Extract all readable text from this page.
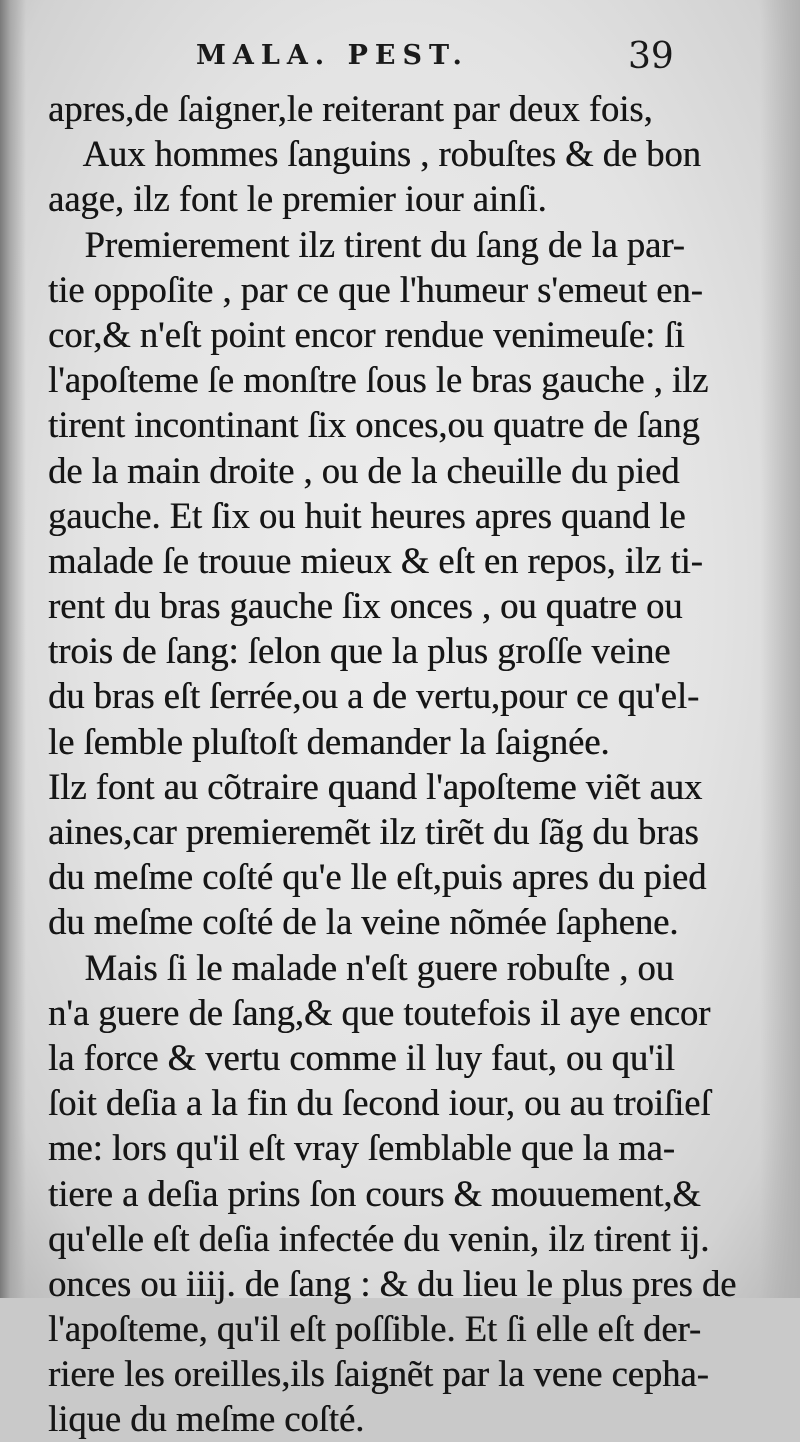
MALA. PEST.	39
apres,de ſaigner,le reiterant par deux fois,
Aux hommes ſanguins , robuſtes & de bon
aage, ilz font le premier iour ainſi.
Premierement ilz tirent du ſang de la par-
tie oppoſite , par ce que l'humeur s'emeut en-
cor,& n'eſt point encor rendue venimeuſe: ſi
l'apoſteme ſe monſtre ſous le bras gauche , ilz
tirent incontinant ſix onces,ou quatre de ſang
de la main droite , ou de la cheuille du pied
gauche. Et ſix ou huit heures apres quand le
malade ſe trouue mieux & eſt en repos, ilz ti-
rent du bras gauche ſix onces , ou quatre ou
trois de ſang: ſelon que la plus groſſe veine
du bras eſt ſerrée,ou a de vertu,pour ce qu'el-
le ſemble pluſtoſt demander la ſaignée.
Ilz font au cõtraire quand l'apoſteme viẽt aux
aines,car premieremẽt ilz tirẽt du ſãg du bras
du meſme coſté qu'e lle eſt,puis apres du pied
du meſme coſté de la veine nõmée ſaphene.
Mais ſi le malade n'eſt guere robuſte , ou
n'a guere de ſang,& que toutefois il aye encor
la force & vertu comme il luy faut, ou qu'il
ſoit deſia a la fin du ſecond iour, ou au troiſieſ
me: lors qu'il eſt vray ſemblable que la ma-
tiere a deſia prins ſon cours & mouuement,&
qu'elle eſt deſia infectée du venin, ilz tirent ij.
onces ou iiij. de ſang : & du lieu le plus pres de
l'apoſteme, qu'il eſt poſſible. Et ſi elle eſt der-
riere les oreilles,ils ſaignẽt par la vene cepha-
lique du meſme coſté.
